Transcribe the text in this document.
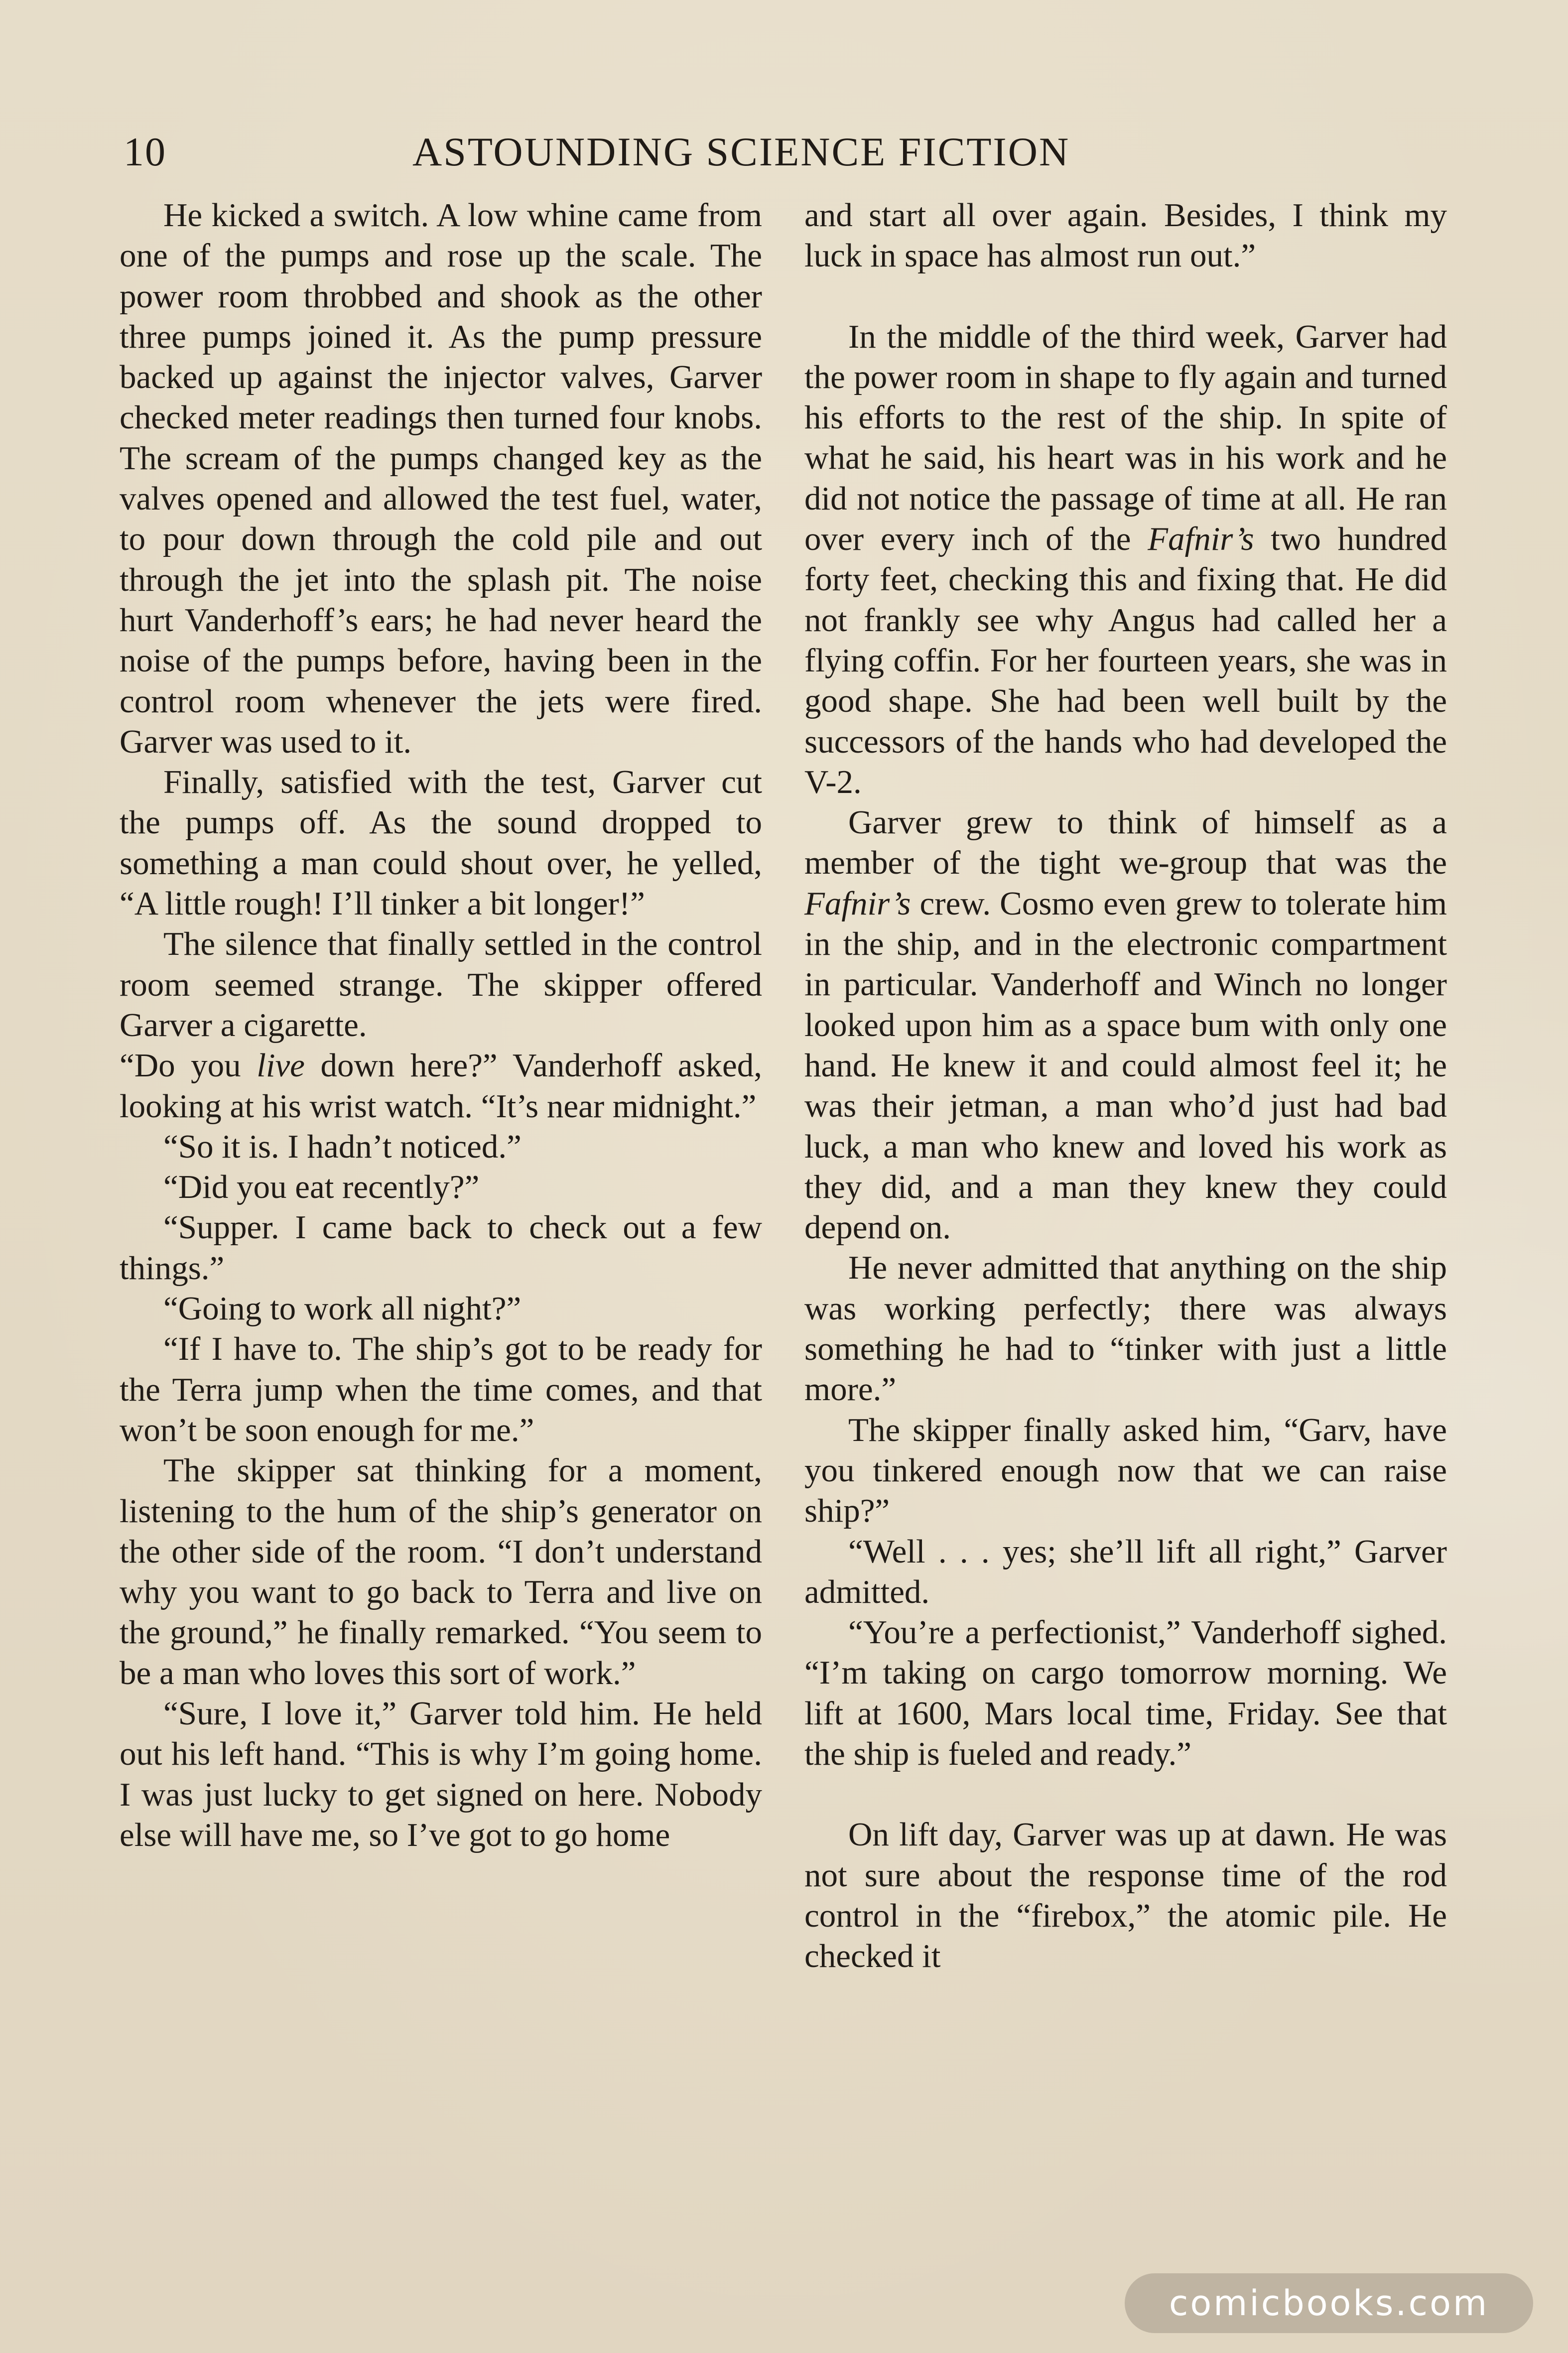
10	ASTOUNDING SCIENCE FICTION

He kicked a switch. A low whine came from one of the pumps and rose up the scale. The power room throbbed and shook as the other three pumps joined it. As the pump pressure backed up against the injector valves, Garver checked meter readings then turned four knobs. The scream of the pumps changed key as the valves opened and allowed the test fuel, water, to pour down through the cold pile and out through the jet into the splash pit. The noise hurt Vanderhoff’s ears; he had never heard the noise of the pumps before, having been in the control room whenever the jets were fired. Garver was used to it.

Finally, satisfied with the test, Garver cut the pumps off. As the sound dropped to something a man could shout over, he yelled, “A little rough! I’ll tinker a bit longer!”

The silence that finally settled in the control room seemed strange. The skipper offered Garver a cigarette.

“Do you live down here?” Vanderhoff asked, looking at his wrist watch. “It’s near midnight.”

“So it is. I hadn’t noticed.”

“Did you eat recently?”

“Supper. I came back to check out a few things.”

“Going to work all night?”

“If I have to. The ship’s got to be ready for the Terra jump when the time comes, and that won’t be soon enough for me.”

The skipper sat thinking for a moment, listening to the hum of the ship’s generator on the other side of the room. “I don’t understand why you want to go back to Terra and live on the ground,” he finally remarked. “You seem to be a man who loves this sort of work.”

“Sure, I love it,” Garver told him. He held out his left hand. “This is why I’m going home. I was just lucky to get signed on here. Nobody else will have me, so I’ve got to go home

and start all over again. Besides, I think my luck in space has almost run out.”

In the middle of the third week, Garver had the power room in shape to fly again and turned his efforts to the rest of the ship. In spite of what he said, his heart was in his work and he did not notice the passage of time at all. He ran over every inch of the Fafnir’s two hundred forty feet, checking this and fixing that. He did not frankly see why Angus had called her a flying coffin. For her fourteen years, she was in good shape. She had been well built by the successors of the hands who had developed the V-2.

Garver grew to think of himself as a member of the tight we-group that was the Fafnir’s crew. Cosmo even grew to tolerate him in the ship, and in the electronic compartment in particular. Vanderhoff and Winch no longer looked upon him as a space bum with only one hand. He knew it and could almost feel it; he was their jetman, a man who’d just had bad luck, a man who knew and loved his work as they did, and a man they knew they could depend on.

He never admitted that anything on the ship was working perfectly; there was always something he had to “tinker with just a little more.”

The skipper finally asked him, “Garv, have you tinkered enough now that we can raise ship?”

“Well . . . yes; she’ll lift all right,” Garver admitted.

“You’re a perfectionist,” Vanderhoff sighed. “I’m taking on cargo tomorrow morning. We lift at 1600, Mars local time, Friday. See that the ship is fueled and ready.”

On lift day, Garver was up at dawn. He was not sure about the response time of the rod control in the “firebox,” the atomic pile. He checked it

comicbooks.com
